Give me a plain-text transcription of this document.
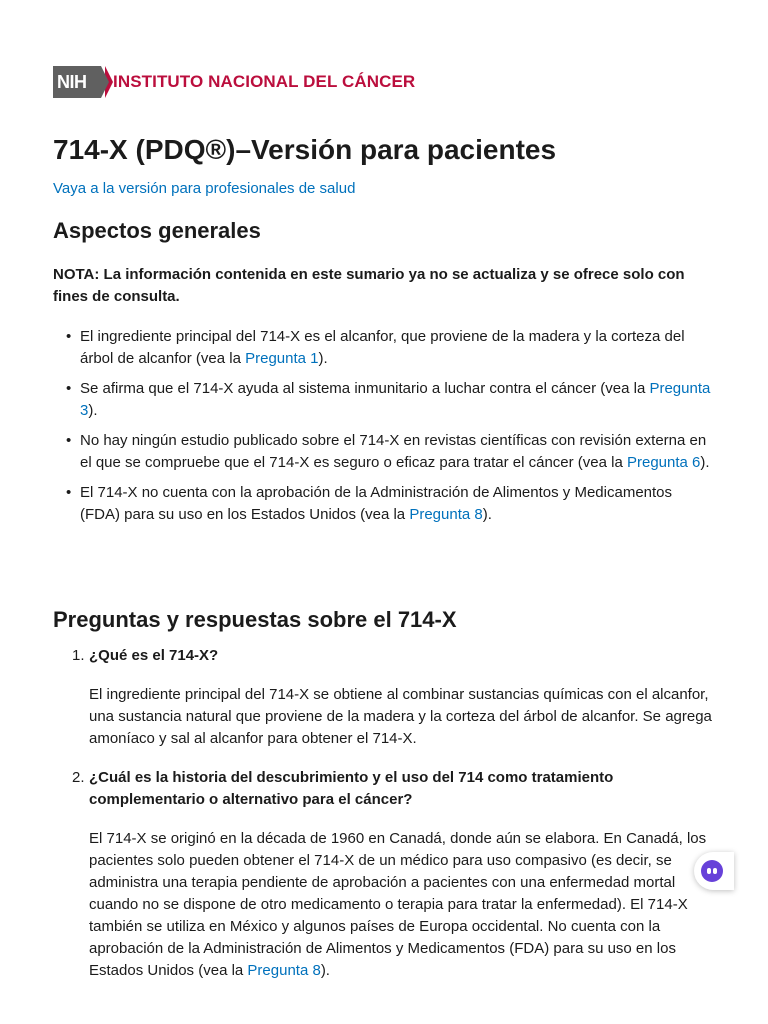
NIH	INSTITUTO NACIONAL DEL CÁNCER
714-X (PDQ®)–Versión para pacientes
Vaya a la versión para profesionales de salud
Aspectos generales

NOTA: La información contenida en este sumario ya no se actualiza y se ofrece solo con fines de consulta.

• El ingrediente principal del 714-X es el alcanfor, que proviene de la madera y la corteza del árbol de alcanfor (vea la Pregunta 1).
• Se afirma que el 714-X ayuda al sistema inmunitario a luchar contra el cáncer (vea la Pregunta 3).
• No hay ningún estudio publicado sobre el 714-X en revistas científicas con revisión externa en el que se compruebe que el 714-X es seguro o eficaz para tratar el cáncer (vea la Pregunta 6).
• El 714-X no cuenta con la aprobación de la Administración de Alimentos y Medicamentos (FDA) para su uso en los Estados Unidos (vea la Pregunta 8).
Preguntas y respuestas sobre el 714-X
1. ¿Qué es el 714-X?

El ingrediente principal del 714-X se obtiene al combinar sustancias químicas con el alcanfor, una sustancia natural que proviene de la madera y la corteza del árbol de alcanfor. Se agrega amoníaco y sal al alcanfor para obtener el 714-X.

2. ¿Cuál es la historia del descubrimiento y el uso del 714 como tratamiento complementario o alternativo para el cáncer?

El 714-X se originó en la década de 1960 en Canadá, donde aún se elabora. En Canadá, los pacientes solo pueden obtener el 714-X de un médico para uso compasivo (es decir, se administra una terapia pendiente de aprobación a pacientes con una enfermedad mortal cuando no se dispone de otro medicamento o terapia para tratar la enfermedad). El 714-X también se utiliza en México y algunos países de Europa occidental. No cuenta con la aprobación de la Administración de Alimentos y Medicamentos (FDA) para su uso en los Estados Unidos (vea la Pregunta 8).
